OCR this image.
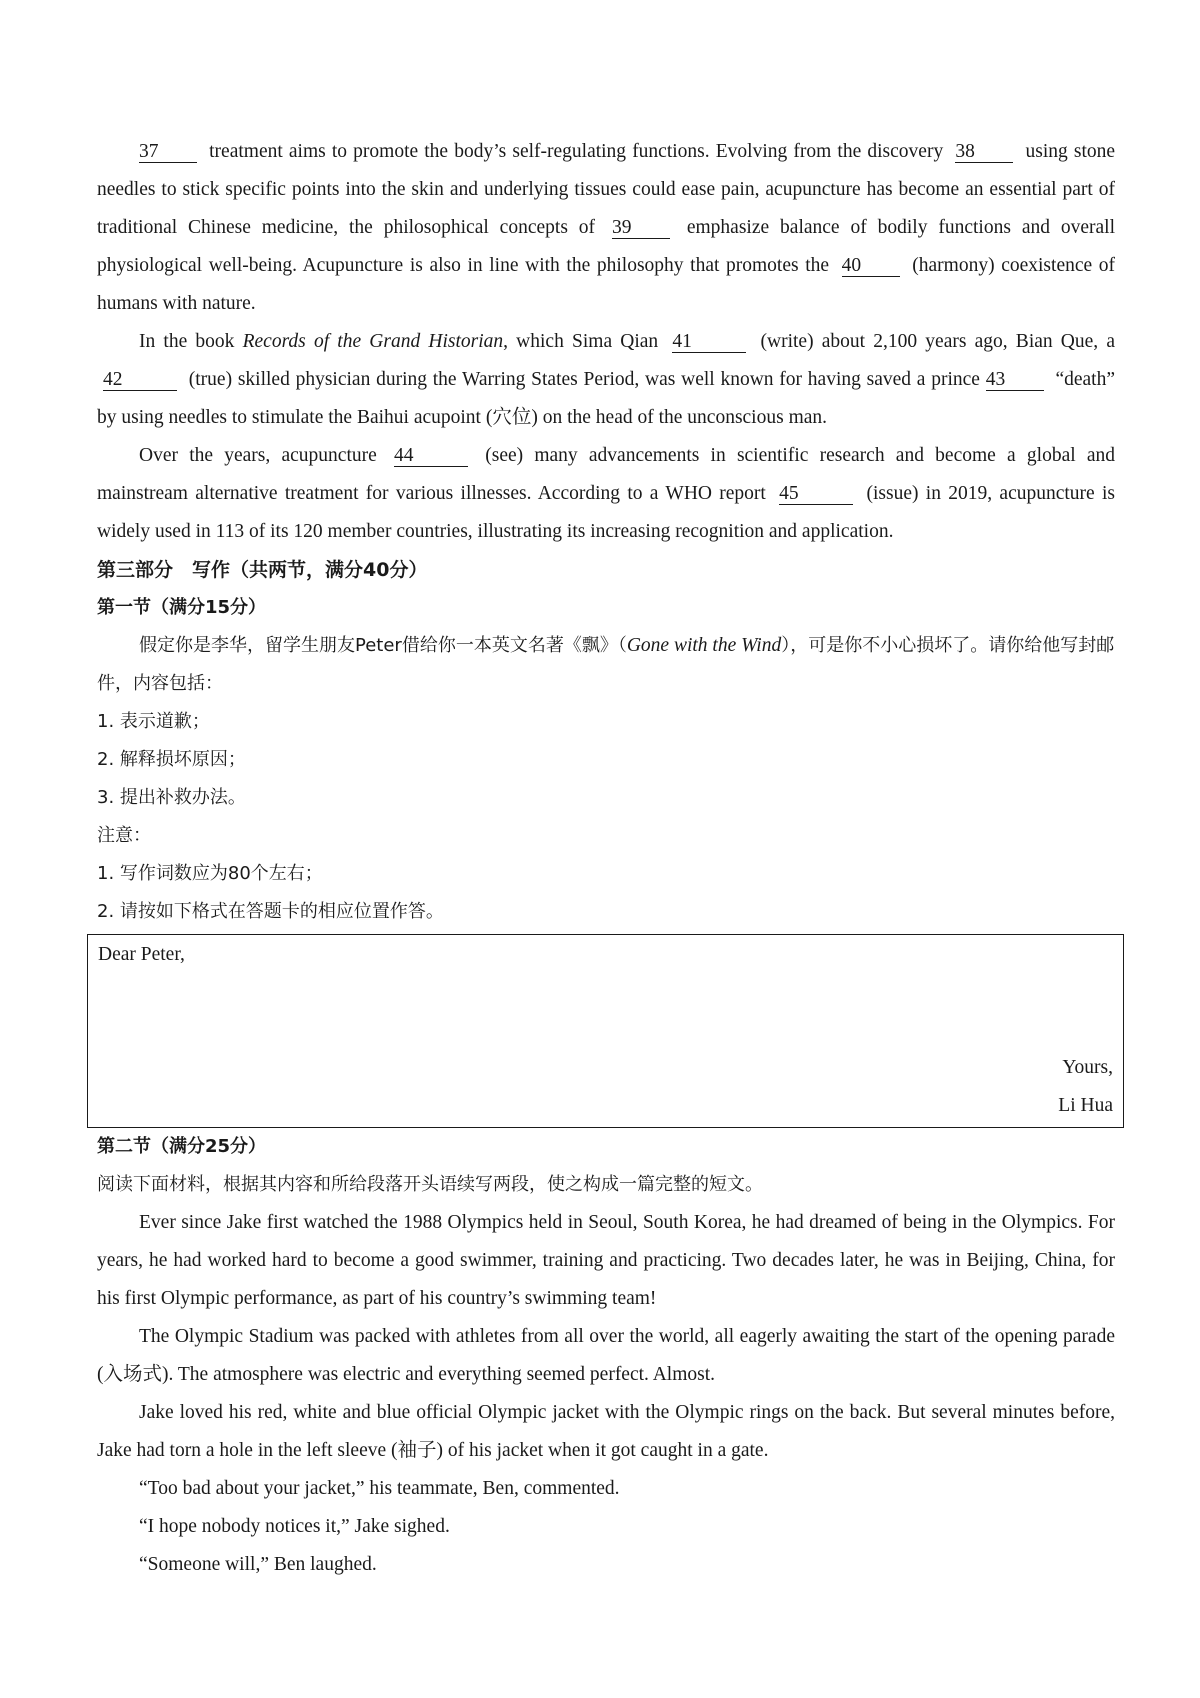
37	treatment aims to promote the body’s self-regulating functions. Evolving from the discovery 38	using stone needles to stick specific points into the skin and underlying tissues could ease pain, acupuncture has become an essential part of traditional Chinese medicine, the philosophical concepts of 39	emphasize balance of bodily functions and overall physiological well-being. Acupuncture is also in line with the philosophy that promotes the 40	(harmony) coexistence of humans with nature.

In the book Records of the Grand Historian, which Sima Qian 41	(write) about 2,100 years ago, Bian Que, a 42	(true) skilled physician during the Warring States Period, was well known for having saved a prince 43	“death” by using needles to stimulate the Baihui acupoint (穴位) on the head of the unconscious man.

Over the years, acupuncture 44	(see) many advancements in scientific research and become a global and mainstream alternative treatment for various illnesses. According to a WHO report 45	(issue) in 2019, acupuncture is widely used in 113 of its 120 member countries, illustrating its increasing recognition and application.

第三部分　写作（共两节，满分40分）

第一节（满分15分）

假定你是李华，留学生朋友Peter借给你一本英文名著《飘》（Gone with the Wind），可是你不小心损坏了。请你给他写封邮件，内容包括：

1. 表示道歉；

2. 解释损坏原因；

3. 提出补救办法。

注意：

1. 写作词数应为80个左右；

2. 请按如下格式在答题卡的相应位置作答。

Dear Peter,
Yours,
Li Hua

第二节（满分25分）

阅读下面材料，根据其内容和所给段落开头语续写两段，使之构成一篇完整的短文。

Ever since Jake first watched the 1988 Olympics held in Seoul, South Korea, he had dreamed of being in the Olympics. For years, he had worked hard to become a good swimmer, training and practicing. Two decades later, he was in Beijing, China, for his first Olympic performance, as part of his country’s swimming team!

The Olympic Stadium was packed with athletes from all over the world, all eagerly awaiting the start of the opening parade (入场式). The atmosphere was electric and everything seemed perfect. Almost.

Jake loved his red, white and blue official Olympic jacket with the Olympic rings on the back. But several minutes before, Jake had torn a hole in the left sleeve (袖子) of his jacket when it got caught in a gate.

“Too bad about your jacket,” his teammate, Ben, commented.

“I hope nobody notices it,” Jake sighed.

“Someone will,” Ben laughed.
